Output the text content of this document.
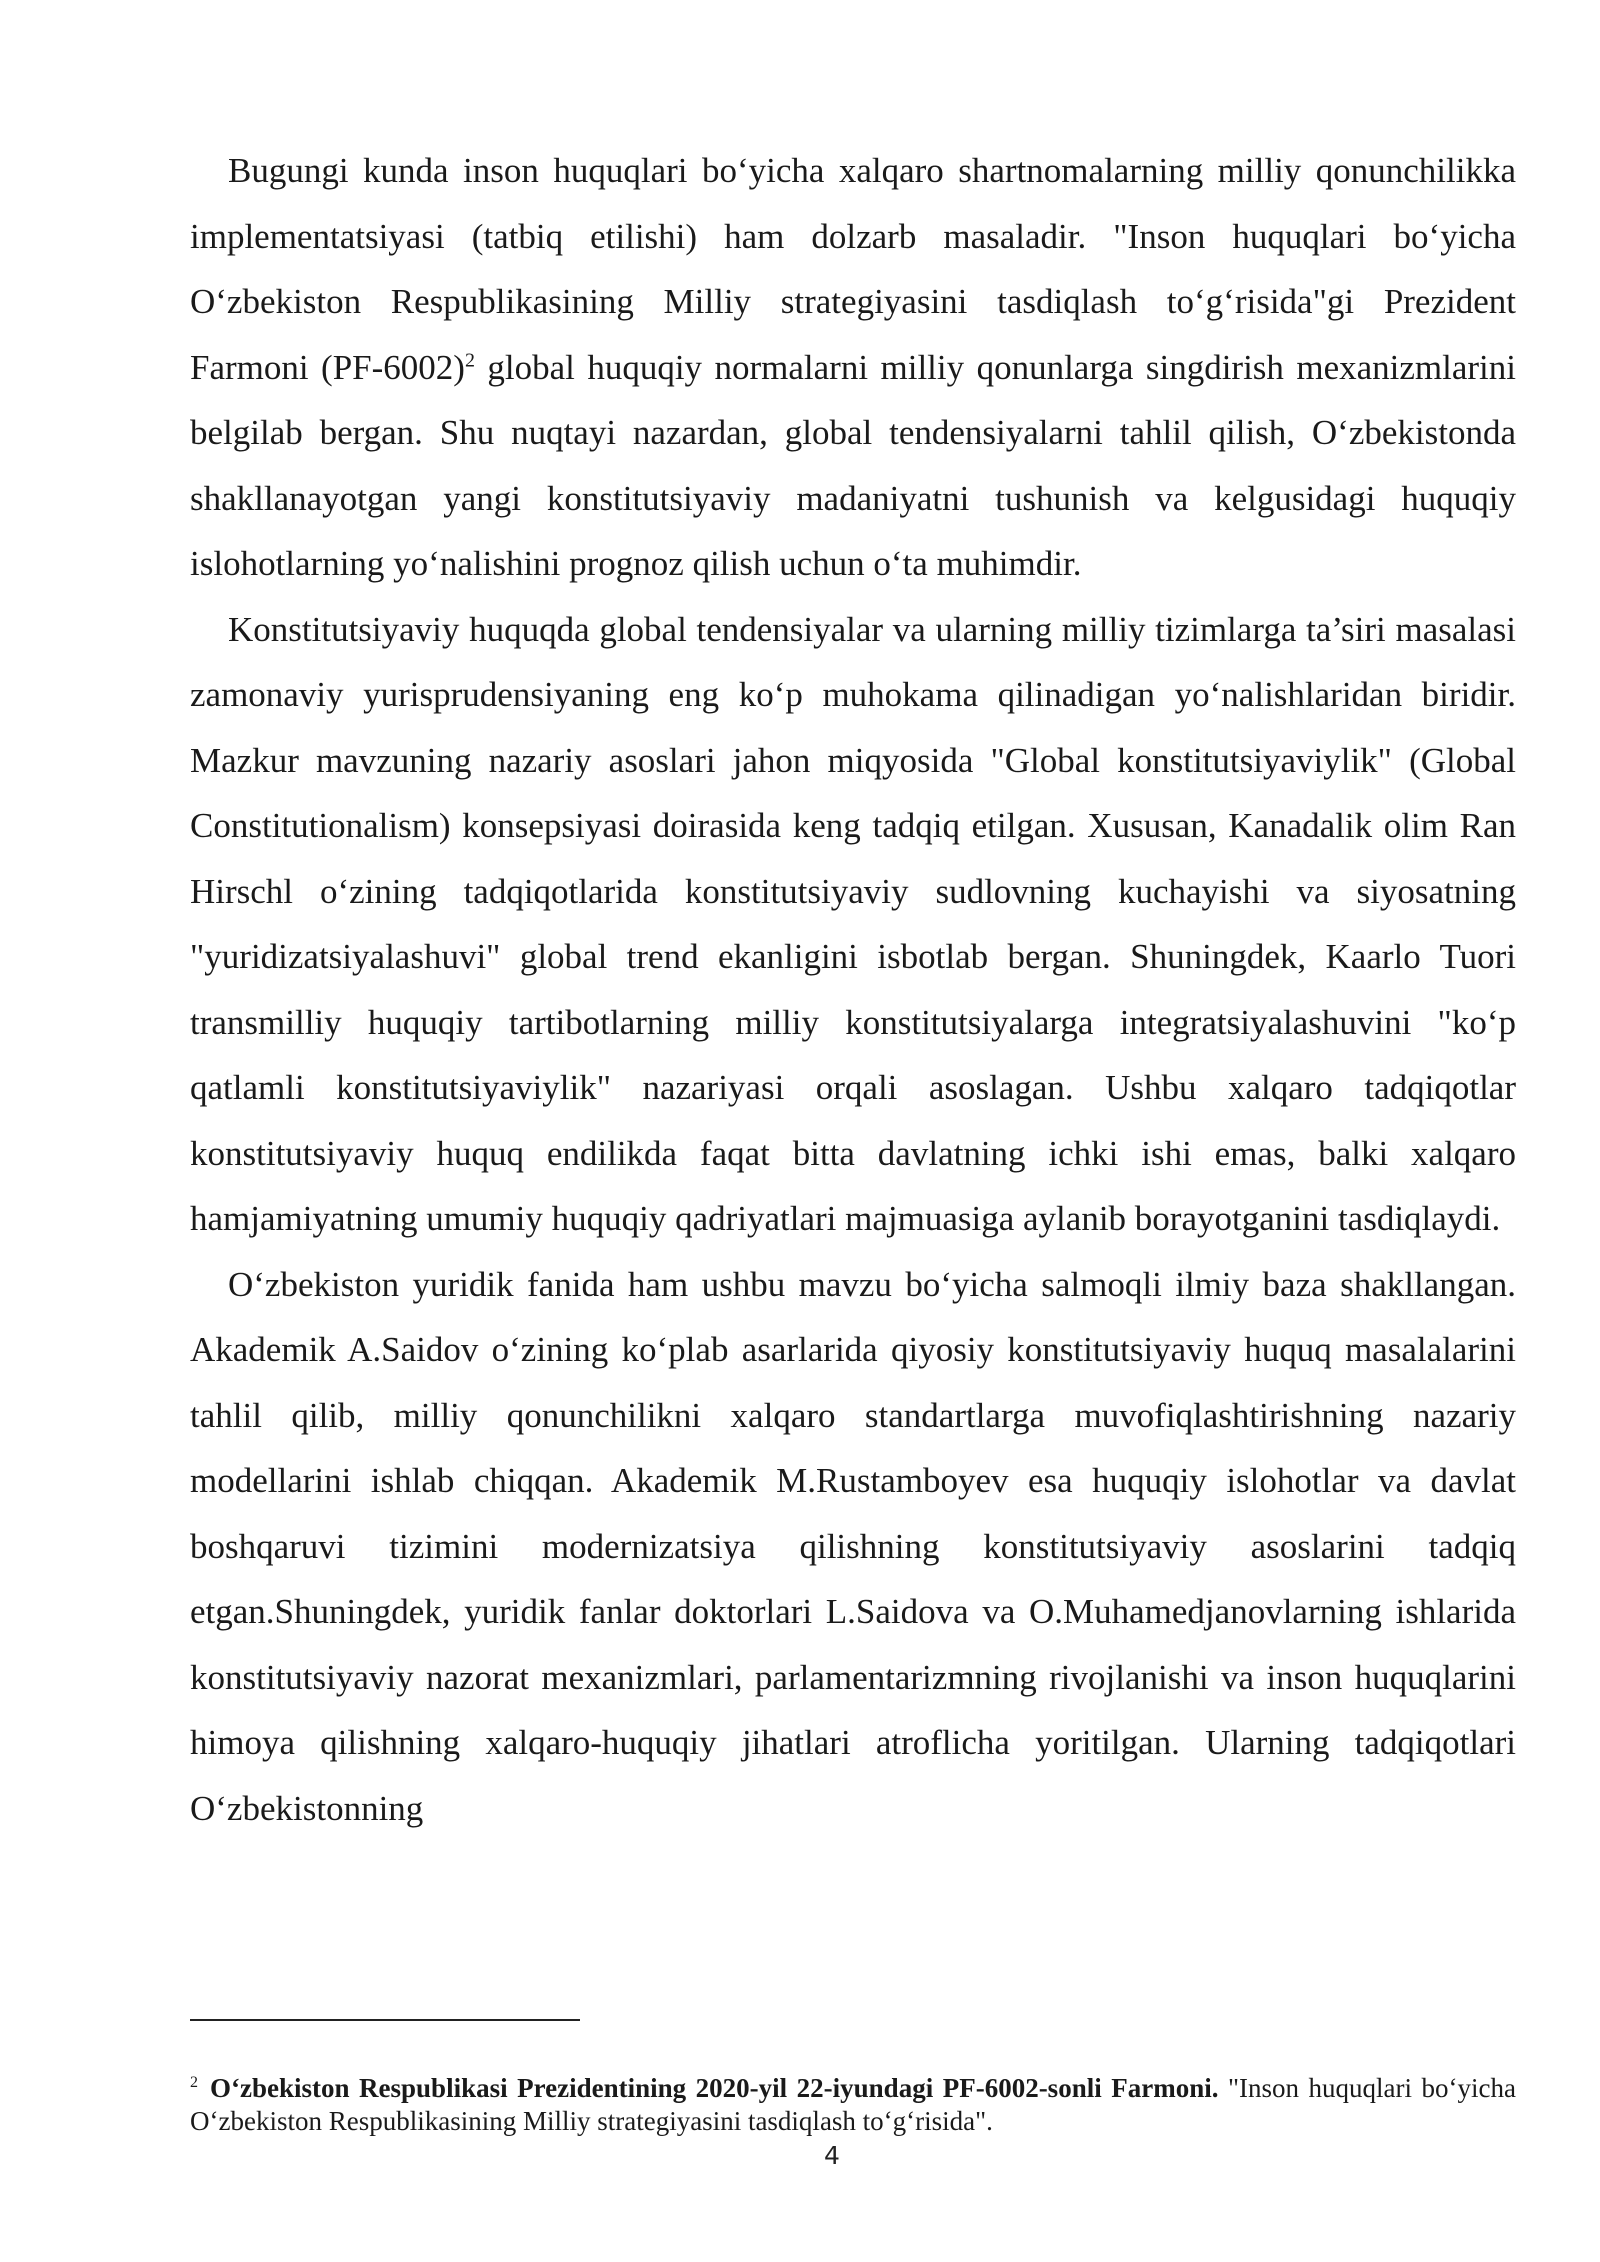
Bugungi kunda inson huquqlari bo‘yicha xalqaro shartnomalarning milliy qonunchilikka implementatsiyasi (tatbiq etilishi) ham dolzarb masaladir. "Inson huquqlari bo‘yicha O‘zbekiston Respublikasining Milliy strategiyasini tasdiqlash to‘g‘risida"gi Prezident Farmoni $(PF-6002)^2$ global huquqiy normalarni milliy qonunlarga singdirish mexanizmlarini belgilab bergan. Shu nuqtayi nazardan, global tendensiyalarni tahlil qilish, O‘zbekistonda shakllanayotgan yangi konstitutsiyaviy madaniyatni tushunish va kelgusidagi huquqiy islohotlarning yo‘nalishini prognoz qilish uchun o‘ta muhimdir.

Konstitutsiyaviy huquqda global tendensiyalar va ularning milliy tizimlarga ta’siri masalasi zamonaviy yurisprudensiyaning eng ko‘p muhokama qilinadigan yo‘nalishlaridan biridir. Mazkur mavzuning nazariy asoslari jahon miqyosida "Global konstitutsiyaviylik" (Global Constitutionalism) konsepsiyasi doirasida keng tadqiq etilgan. Xususan, Kanadalik olim Ran Hirschl o‘zining tadqiqotlarida konstitutsiyaviy sudlovning kuchayishi va siyosatning "yuridizatsiyalashuvi" global trend ekanligini isbotlab bergan. Shuningdek, Kaarlo Tuori transmilliy huquqiy tartibotlarning milliy konstitutsiyalarga integratsiyalashuvini "ko‘p qatlamli konstitutsiyaviylik" nazariyasi orqali asoslagan. Ushbu xalqaro tadqiqotlar konstitutsiyaviy huquq endilikda faqat bitta davlatning ichki ishi emas, balki xalqaro hamjamiyatning umumiy huquqiy qadriyatlari majmuasiga aylanib borayotganini tasdiqlaydi.

O‘zbekiston yuridik fanida ham ushbu mavzu bo‘yicha salmoqli ilmiy baza shakllangan. Akademik A.Saidov o‘zining ko‘plab asarlarida qiyosiy konstitutsiyaviy huquq masalalarini tahlil qilib, milliy qonunchilikni xalqaro standartlarga muvofiqlashtirishning nazariy modellarini ishlab chiqqan. Akademik M.Rustamboyev esa huquqiy islohotlar va davlat boshqaruvi tizimini modernizatsiya qilishning konstitutsiyaviy asoslarini tadqiq etgan.Shuningdek, yuridik fanlar doktorlari L.Saidova va O.Muhamedjanovlarning ishlarida konstitutsiyaviy nazorat mexanizmlari, parlamentarizmning rivojlanishi va inson huquqlarini himoya qilishning xalqaro-huquqiy jihatlari atroflicha yoritilgan. Ularning tadqiqotlari O‘zbekistonning

$^2$ O‘zbekiston Respublikasi Prezidentining 2020-yil 22-iyundagi PF-6002-sonli Farmoni. "Inson huquqlari bo‘yicha O‘zbekiston Respublikasining Milliy strategiyasini tasdiqlash to‘g‘risida".
4
